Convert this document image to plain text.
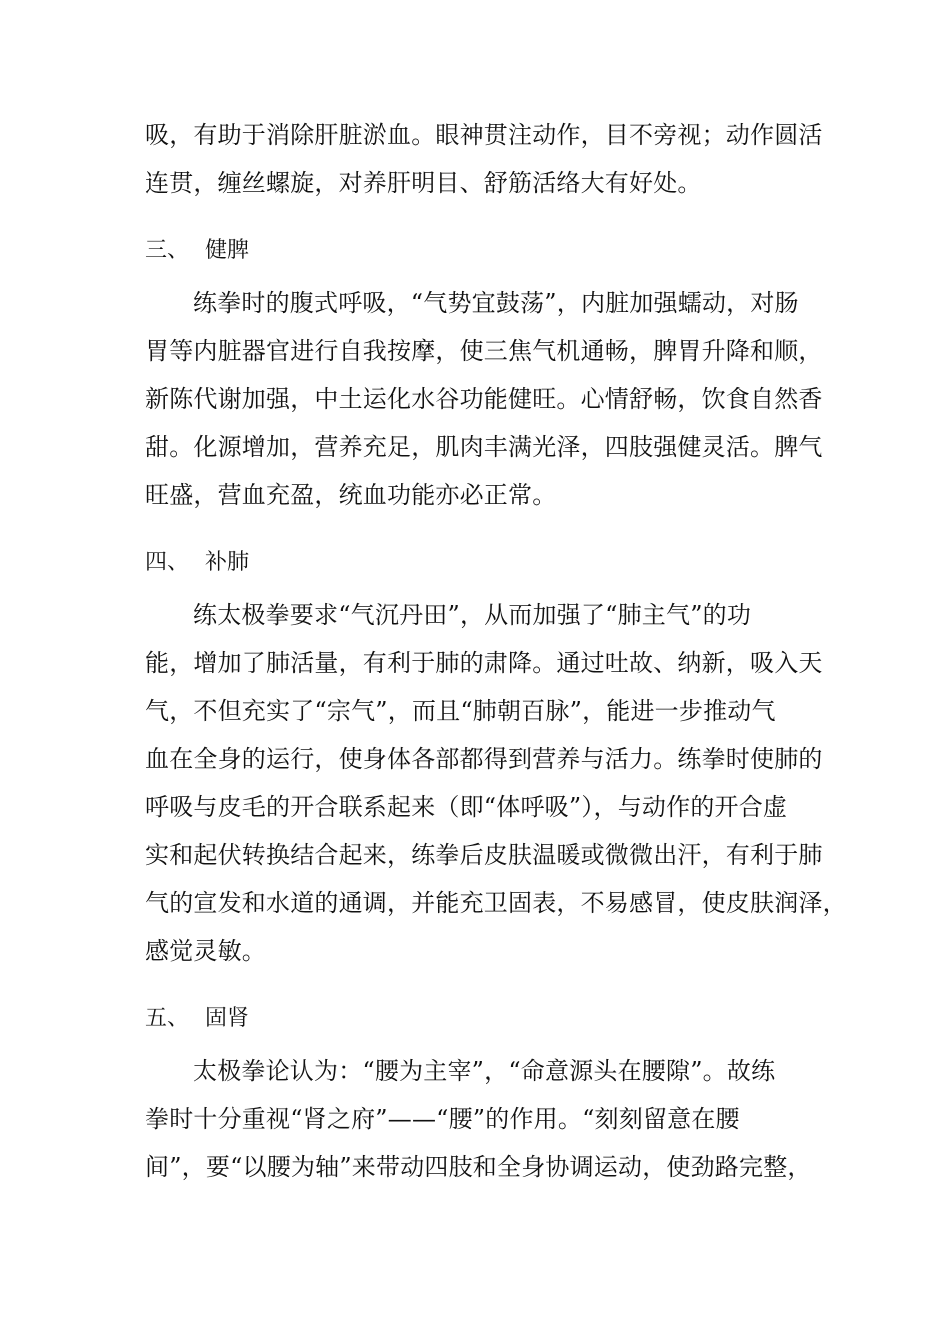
吸，有助于消除肝脏淤血。眼神贯注动作，目不旁视；动作圆活

连贯，缠丝螺旋，对养肝明目、舒筋活络大有好处。

三、 健脾

练拳时的腹式呼吸，“气势宜鼓荡”，内脏加强蠕动，对肠

胃等内脏器官进行自我按摩，使三焦气机通畅，脾胃升降和顺，

新陈代谢加强，中土运化水谷功能健旺。心情舒畅，饮食自然香

甜。化源增加，营养充足，肌肉丰满光泽，四肢强健灵活。脾气

旺盛，营血充盈，统血功能亦必正常。

四、 补肺

练太极拳要求“气沉丹田”，从而加强了“肺主气”的功

能，增加了肺活量，有利于肺的肃降。通过吐故、纳新，吸入天

气，不但充实了“宗气”，而且“肺朝百脉”，能进一步推动气

血在全身的运行，使身体各部都得到营养与活力。练拳时使肺的

呼吸与皮毛的开合联系起来（即“体呼吸”），与动作的开合虚

实和起伏转换结合起来，练拳后皮肤温暖或微微出汗，有利于肺

气的宣发和水道的通调，并能充卫固表，不易感冒，使皮肤润泽，

感觉灵敏。

五、 固肾

太极拳论认为：“腰为主宰”，“命意源头在腰隙”。故练

拳时十分重视“肾之府”——“腰”的作用。“刻刻留意在腰

间”，要“以腰为轴”来带动四肢和全身协调运动，使劲路完整，
